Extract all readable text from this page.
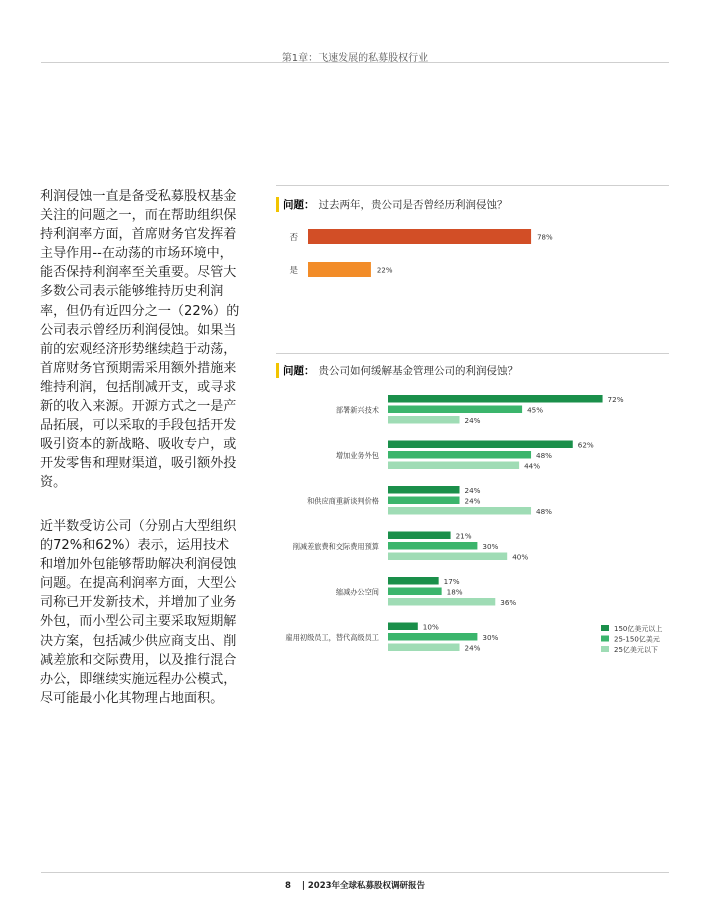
第1章：飞速发展的私募股权行业
利润侵蚀一直是备受私募股权基金关注的问题之一，而在帮助组织保持利润率方面，首席财务官发挥着主导作用--在动荡的市场环境中，能否保持利润率至关重要。尽管大多数公司表示能够维持历史利润率，但仍有近四分之一（22%）的公司表示曾经历利润侵蚀。如果当前的宏观经济形势继续趋于动荡，首席财务官预期需采用额外措施来维持利润，包括削减开支，或寻求新的收入来源。开源方式之一是产品拓展，可以采取的手段包括开发吸引资本的新战略、吸收专户，或开发零售和理财渠道，吸引额外投资。
近半数受访公司（分别占大型组织的72%和62%）表示，运用技术和增加外包能够帮助解决利润侵蚀问题。在提高利润率方面，大型公司称已开发新技术，并增加了业务外包，而小型公司主要采取短期解决方案，包括减少供应商支出、削减差旅和交际费用，以及推行混合办公，即继续实施远程办公模式，尽可能最小化其物理占地面积。
问题： 过去两年，贵公司是否曾经历利润侵蚀？
否	78%
是	22%
问题： 贵公司如何缓解基金管理公司的利润侵蚀？
部署新兴技术
72%
45%
24%
增加业务外包
62%
48%
44%
和供应商重新谈判价格
24%
24%
48%
削减差旅费和交际费用预算
21%
30%
40%
缩减办公空间
17%
18%
36%
雇用初级员工，替代高级员工
10%
30%
24%
150亿美元以上
25-150亿美元
25亿美元以下
8 | 2023年全球私募股权调研报告
